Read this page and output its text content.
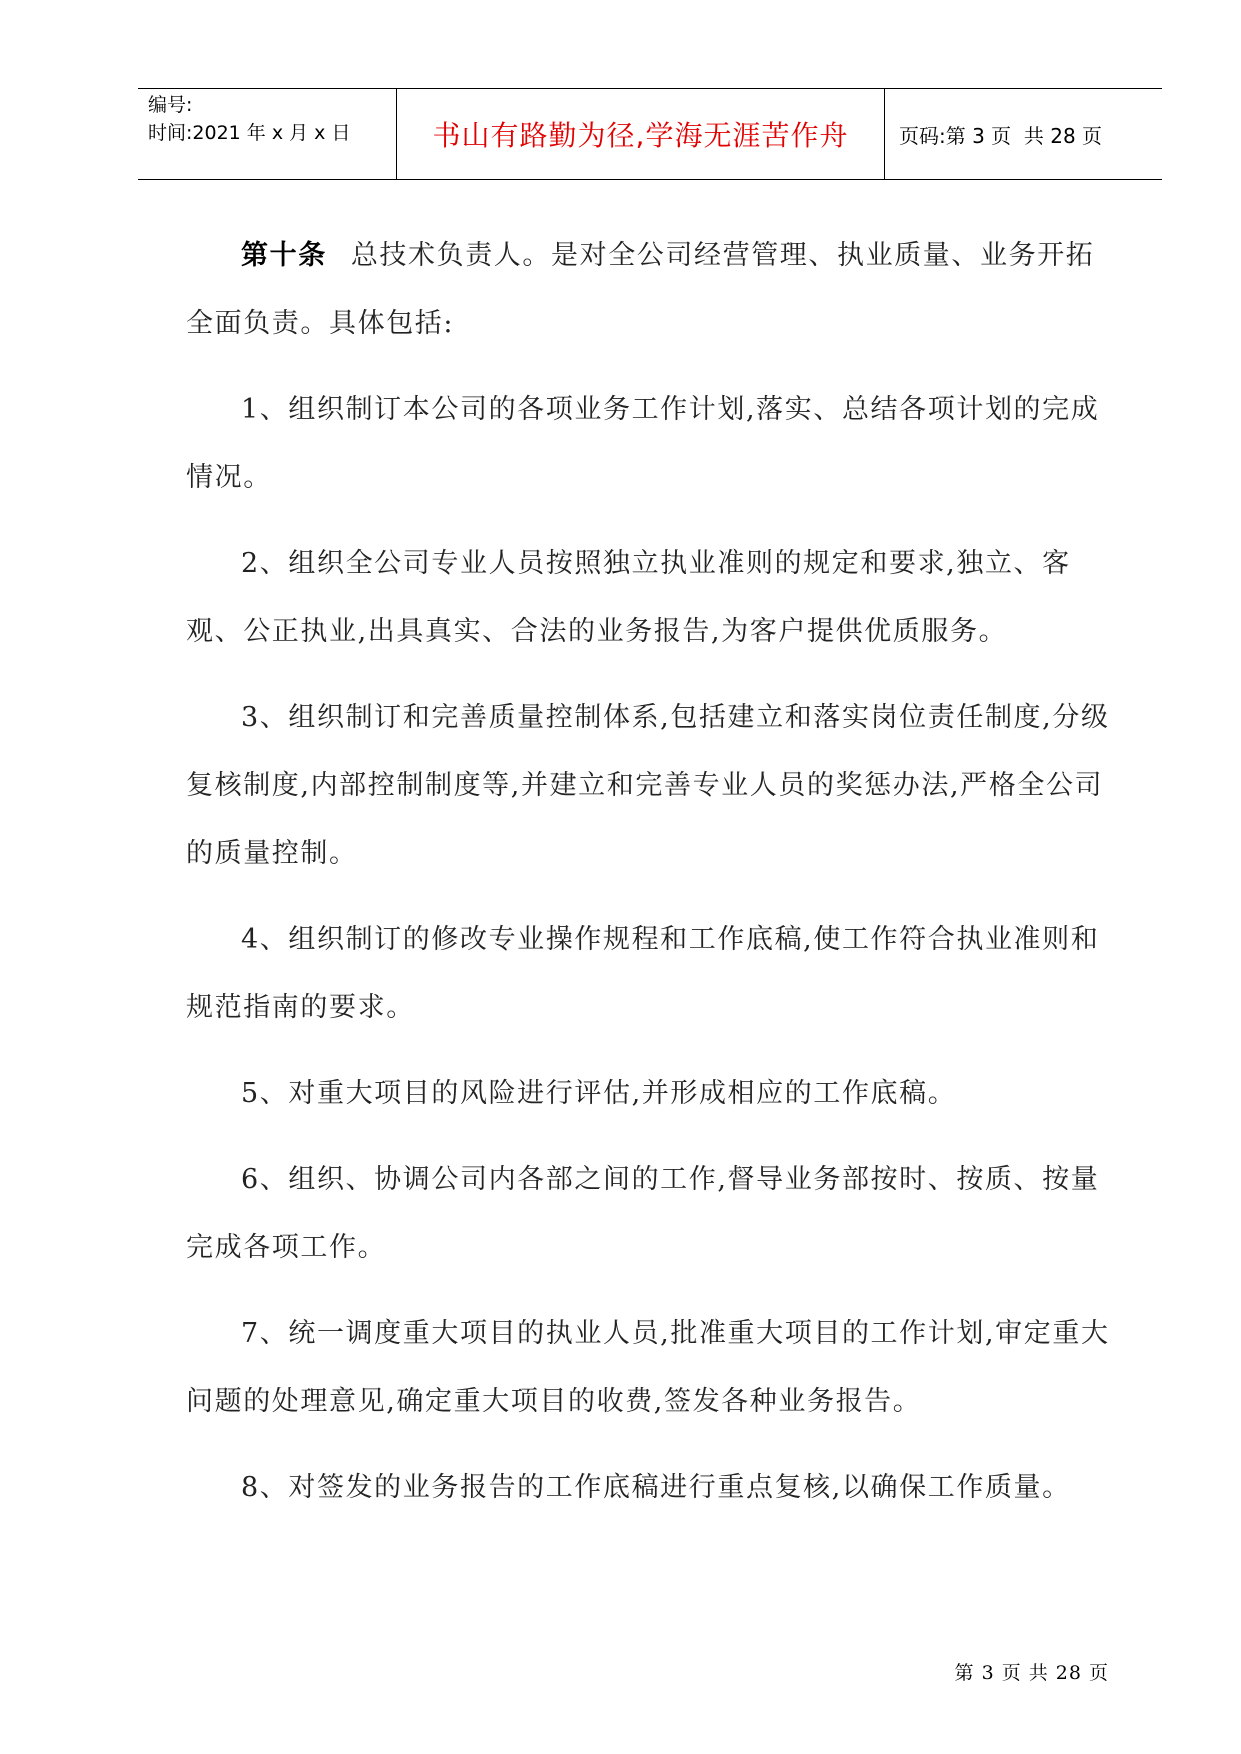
编号:
时间:2021 年 x 月 x 日	书山有路勤为径,学海无涯苦作舟	页码:第 3 页  共 28 页

第十条 总技术负责人。是对全公司经营管理、执业质量、业务开拓全面负责。具体包括:

1、组织制订本公司的各项业务工作计划,落实、总结各项计划的完成情况。

2、组织全公司专业人员按照独立执业准则的规定和要求,独立、客观、公正执业,出具真实、合法的业务报告,为客户提供优质服务。

3、组织制订和完善质量控制体系,包括建立和落实岗位责任制度,分级复核制度,内部控制制度等,并建立和完善专业人员的奖惩办法,严格全公司的质量控制。

4、组织制订的修改专业操作规程和工作底稿,使工作符合执业准则和规范指南的要求。

5、对重大项目的风险进行评估,并形成相应的工作底稿。

6、组织、协调公司内各部之间的工作,督导业务部按时、按质、按量完成各项工作。

7、统一调度重大项目的执业人员,批准重大项目的工作计划,审定重大问题的处理意见,确定重大项目的收费,签发各种业务报告。

8、对签发的业务报告的工作底稿进行重点复核,以确保工作质量。

第 3 页 共 28 页
